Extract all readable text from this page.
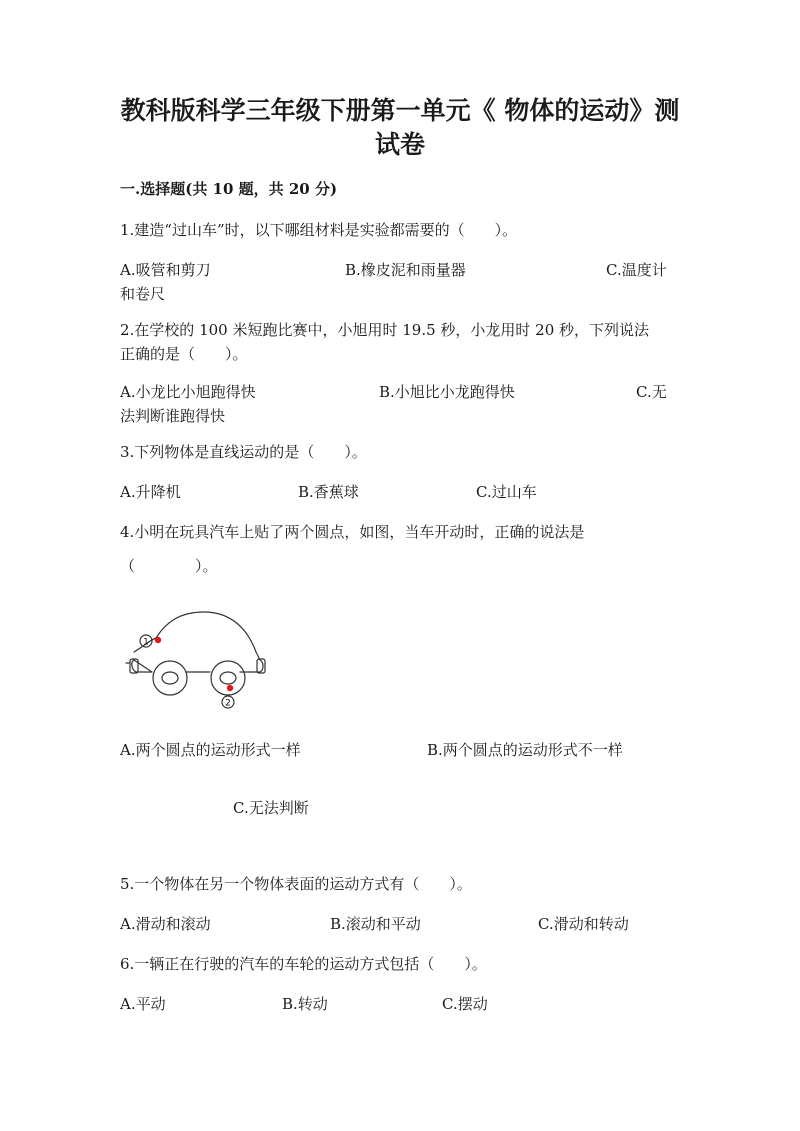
教科版科学三年级下册第一单元《 物体的运动》测
试卷
一.选择题(共 10 题，共 20 分)
1.建造“过山车”时，以下哪组材料是实验都需要的（　　）。
A.吸管和剪刀	B.橡皮泥和雨量器	C.温度计
和卷尺
2.在学校的 100 米短跑比赛中，小旭用时 19.5 秒，小龙用时 20 秒，下列说法
正确的是（　　）。
A.小龙比小旭跑得快	B.小旭比小龙跑得快	C.无
法判断谁跑得快
3.下列物体是直线运动的是（　　）。
A.升降机	B.香蕉球	C.过山车
4.小明在玩具汽车上贴了两个圆点，如图，当车开动时，正确的说法是
（　　　　）。
1
2
A.两个圆点的运动形式一样	B.两个圆点的运动形式不一样
C.无法判断
5.一个物体在另一个物体表面的运动方式有（　　）。
A.滑动和滚动	B.滚动和平动	C.滑动和转动
6.一辆正在行驶的汽车的车轮的运动方式包括（　　）。
A.平动	B.转动	C.摆动
